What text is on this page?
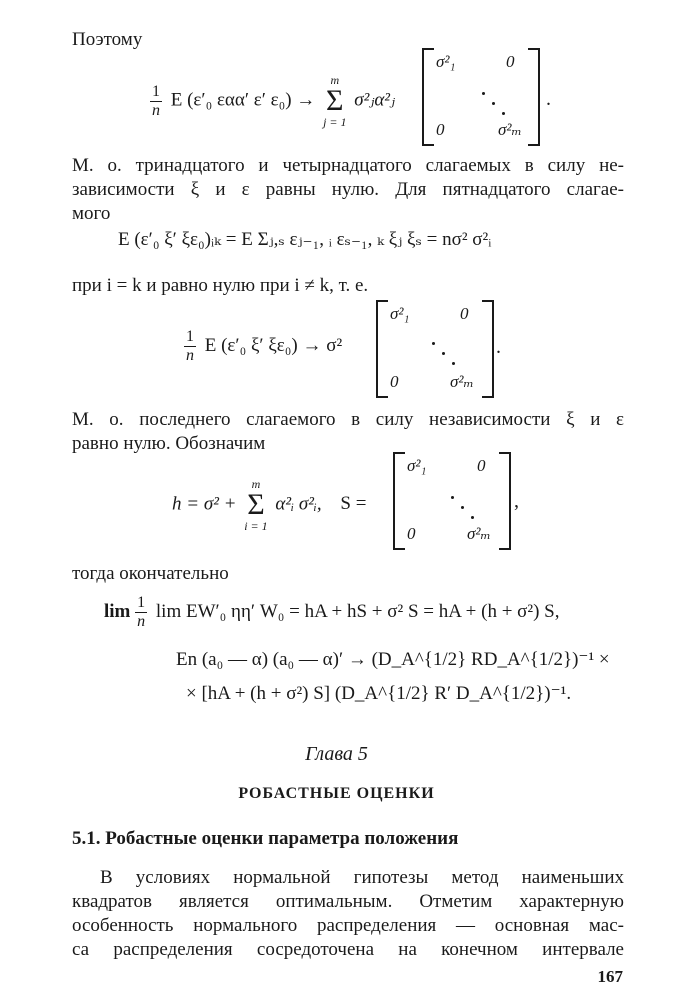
Поэтому
$\frac{1}{n}$ E (ε′₀ εαα′ ε′ ε₀) →
m
Σ
j = 1
σ²ⱼα²ⱼ
σ²₁	0
0	σ²ₘ
.
М. о. тринадцатого и четырнадцатого слагаемых в силу не-
зависимости ξ и ε равны нулю. Для пятнадцатого слагае-
мого
E (ε′₀ ξ′ ξε₀)ᵢₖ = E Σⱼ,ₛ εⱼ₋₁, ᵢ εₛ₋₁, ₖ ξⱼ ξₛ = nσ² σ²ᵢ
при i = k и равно нулю при i ≠ k, т. е.
$\frac{1}{n}$ E (ε′₀ ξ′ ξε₀) → σ²
σ²₁	0
0	σ²ₘ
.
М. о. последнего слагаемого в силу независимости ξ и ε
равно нулю. Обозначим
h = σ² +
m
Σ
i = 1
α²ᵢ σ²ᵢ, S =
σ²₁	0
0	σ²ₘ
,
тогда окончательно
$\lim \frac{1}{n}$ lim EW′₀ ηη′ W₀ = hA + hS + σ² S = hA + (h + σ²) S,
En (a₀ — α) (a₀ — α)′ → (D_A^{1/2} RD_A^{1/2})⁻¹ ×
× [hA + (h + σ²) S] (D_A^{1/2} R′ D_A^{1/2})⁻¹.
Глава 5
РОБАСТНЫЕ ОЦЕНКИ
5.1. Робастные оценки параметра положения
В условиях нормальной гипотезы метод наименьших
квадратов является оптимальным. Отметим характерную
особенность нормального распределения — основная мас-
са распределения сосредоточена на конечном интервале
167
